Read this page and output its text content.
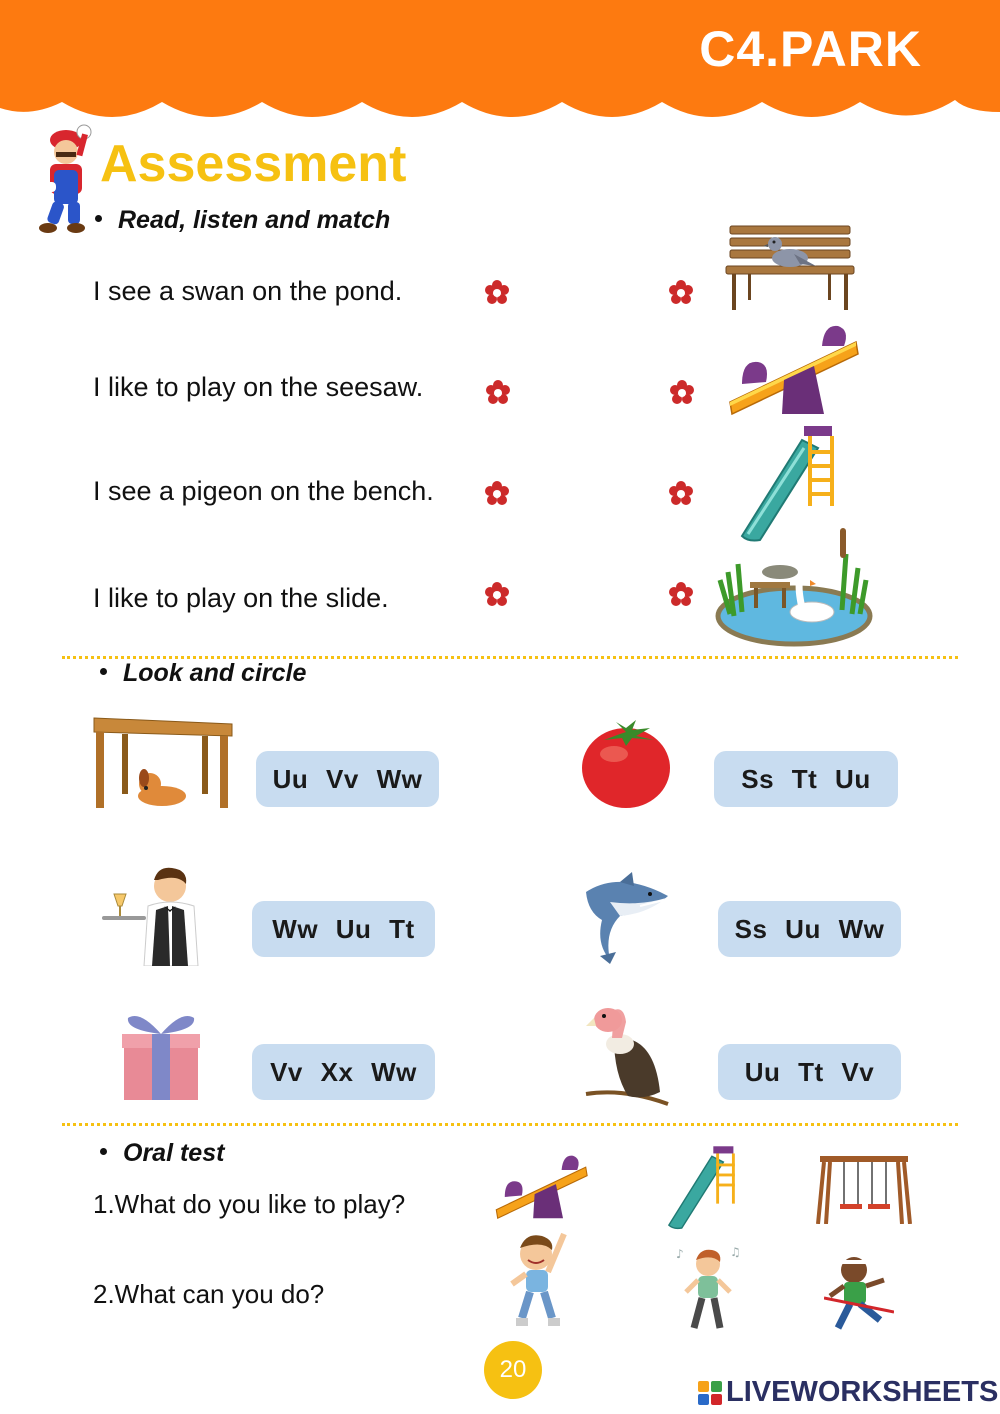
C4.PARK
Assessment
Read, listen and match
I see a swan on the pond.
I like to play on the seesaw.
I see a pigeon on the bench.
I like to play on the slide.
Look and circle
Uu Vv Ww	Ss Tt Uu
Ww Uu Tt	Ss Uu Ww
Vv Xx Ww	Uu Tt Vv
Oral test
1.What do you like to play?
2.What can you do?
♪	♫
20
LIVEWORKSHEETS
